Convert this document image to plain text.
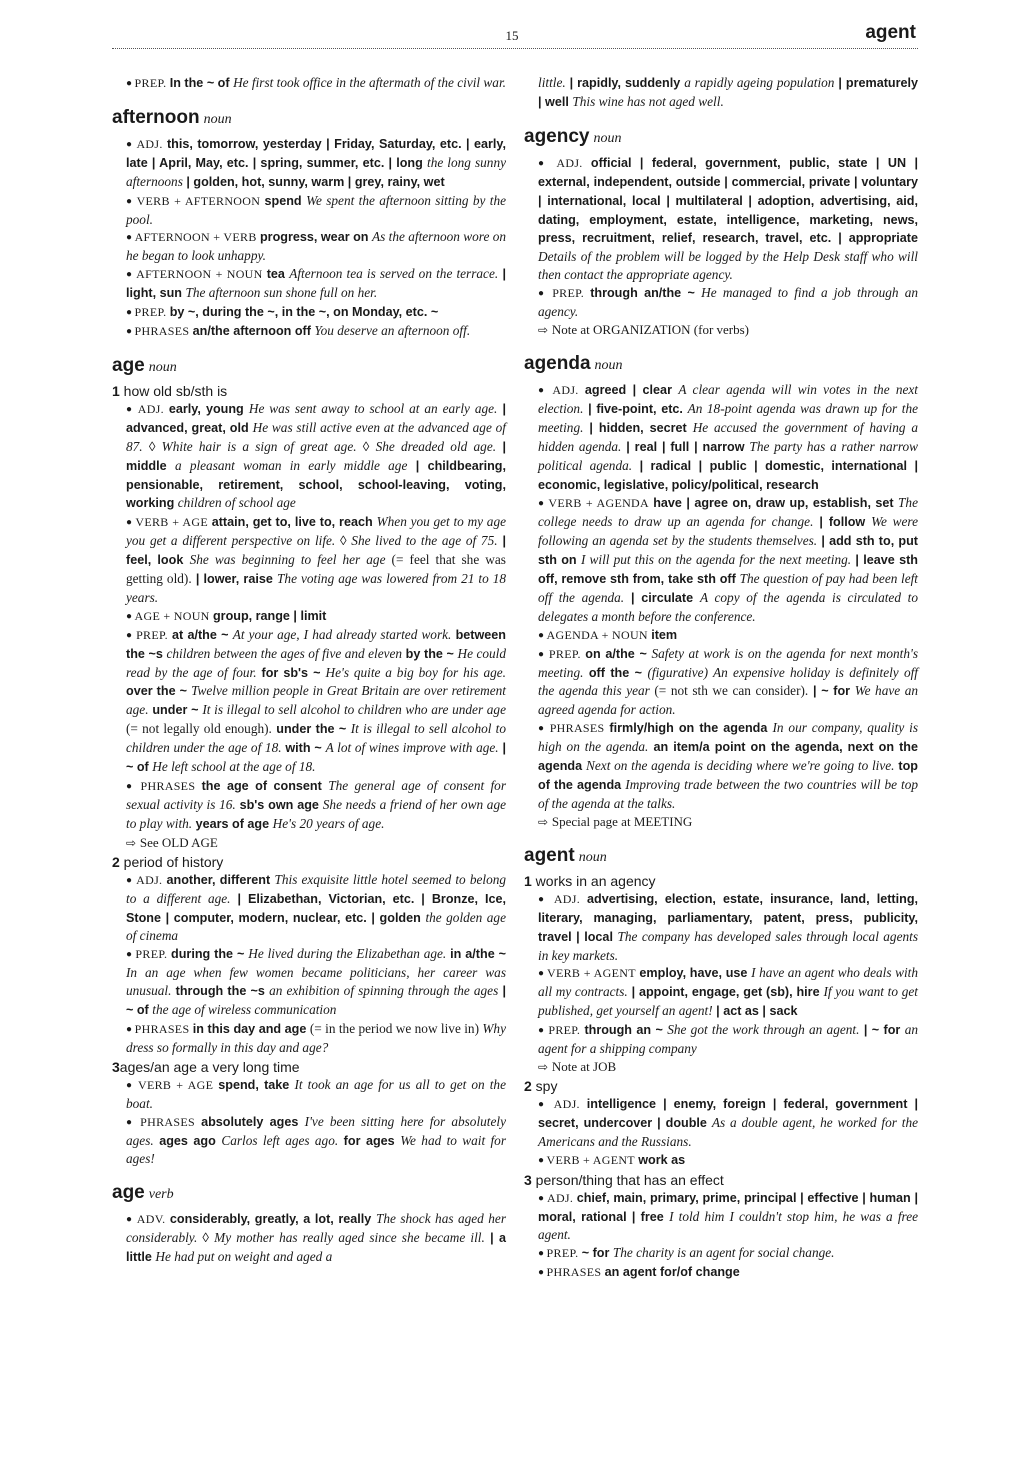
15	agent
● PREP. In the ~ of He first took office in the aftermath of the civil war.
afternoon noun
● ADJ. this, tomorrow, yesterday | Friday, Saturday, etc. | early, late | April, May, etc. | spring, summer, etc. | long the long sunny afternoons | golden, hot, sunny, warm | grey, rainy, wet
● VERB + AFTERNOON spend We spent the afternoon sitting by the pool.
● AFTERNOON + VERB progress, wear on As the afternoon wore on he began to look unhappy.
● AFTERNOON + NOUN tea Afternoon tea is served on the terrace. | light, sun The afternoon sun shone full on her.
● PREP. by ~, during the ~, in the ~, on Monday, etc. ~
● PHRASES an/the afternoon off You deserve an afternoon off.
age noun
1 how old sb/sth is
● ADJ. early, young He was sent away to school at an early age. | advanced, great, old He was still active even at the advanced age of 87. ◊ White hair is a sign of great age. ◊ She dreaded old age. | middle a pleasant woman in early middle age | childbearing, pensionable, retirement, school, school-leaving, voting, working children of school age
● VERB + AGE attain, get to, live to, reach When you get to my age you get a different perspective on life. ◊ She lived to the age of 75. | feel, look She was beginning to feel her age (= feel that she was getting old). | lower, raise The voting age was lowered from 21 to 18 years.
● AGE + NOUN group, range | limit
● PREP. at a/the ~ At your age, I had already started work. between the ~s children between the ages of five and eleven by the ~ He could read by the age of four. for sb's ~ He's quite a big boy for his age. over the ~ Twelve million people in Great Britain are over retirement age. under ~ It is illegal to sell alcohol to children who are under age (= not legally old enough). under the ~ It is illegal to sell alcohol to children under the age of 18. with ~ A lot of wines improve with age. | ~ of He left school at the age of 18.
● PHRASES the age of consent The general age of consent for sexual activity is 16. sb's own age She needs a friend of her own age to play with. years of age He's 20 years of age.
⇨ See OLD AGE
2 period of history
● ADJ. another, different This exquisite little hotel seemed to belong to a different age. | Elizabethan, Victorian, etc. | Bronze, Ice, Stone | computer, modern, nuclear, etc. | golden the golden age of cinema
● PREP. during the ~ He lived during the Elizabethan age. in a/the ~ In an age when few women became politicians, her career was unusual. through the ~s an exhibition of spinning through the ages | ~ of the age of wireless communication
● PHRASES in this day and age (= in the period we now live in) Why dress so formally in this day and age?
3ages/an age a very long time
● VERB + AGE spend, take It took an age for us all to get on the boat.
● PHRASES absolutely ages I've been sitting here for absolutely ages. ages ago Carlos left ages ago. for ages We had to wait for ages!
age verb
● ADV. considerably, greatly, a lot, really The shock has aged her considerably. ◊ My mother has really aged since she became ill. | a little He had put on weight and aged a
little. | rapidly, suddenly a rapidly ageing population | prematurely | well This wine has not aged well.
agency noun
● ADJ. official | federal, government, public, state | UN | external, independent, outside | commercial, private | voluntary | international, local | multilateral | adoption, advertising, aid, dating, employment, estate, intelligence, marketing, news, press, recruitment, relief, research, travel, etc. | appropriate Details of the problem will be logged by the Help Desk staff who will then contact the appropriate agency.
● PREP. through an/the ~ He managed to find a job through an agency.
⇨ Note at ORGANIZATION (for verbs)
agenda noun
● ADJ. agreed | clear A clear agenda will win votes in the next election. | five-point, etc. An 18-point agenda was drawn up for the meeting. | hidden, secret He accused the government of having a hidden agenda. | real | full | narrow The party has a rather narrow political agenda. | radical | public | domestic, international | economic, legislative, policy/political, research
● VERB + AGENDA have | agree on, draw up, establish, set The college needs to draw up an agenda for change. | follow We were following an agenda set by the students themselves. | add sth to, put sth on I will put this on the agenda for the next meeting. | leave sth off, remove sth from, take sth off The question of pay had been left off the agenda. | circulate A copy of the agenda is circulated to delegates a month before the conference.
● AGENDA + NOUN item
● PREP. on a/the ~ Safety at work is on the agenda for next month's meeting. off the ~ (figurative) An expensive holiday is definitely off the agenda this year (= not sth we can consider). | ~ for We have an agreed agenda for action.
● PHRASES firmly/high on the agenda In our company, quality is high on the agenda. an item/a point on the agenda, next on the agenda Next on the agenda is deciding where we're going to live. top of the agenda Improving trade between the two countries will be top of the agenda at the talks.
⇨ Special page at MEETING
agent noun
1 works in an agency
● ADJ. advertising, election, estate, insurance, land, letting, literary, managing, parliamentary, patent, press, publicity, travel | local The company has developed sales through local agents in key markets.
● VERB + AGENT employ, have, use I have an agent who deals with all my contracts. | appoint, engage, get (sb), hire If you want to get published, get yourself an agent! | act as | sack
● PREP. through an ~ She got the work through an agent. | ~ for an agent for a shipping company
⇨ Note at JOB
2 spy
● ADJ. intelligence | enemy, foreign | federal, government | secret, undercover | double As a double agent, he worked for the Americans and the Russians.
● VERB + AGENT work as
3 person/thing that has an effect
● ADJ. chief, main, primary, prime, principal | effective | human | moral, rational | free I told him I couldn't stop him, he was a free agent.
● PREP. ~ for The charity is an agent for social change.
● PHRASES an agent for/of change
